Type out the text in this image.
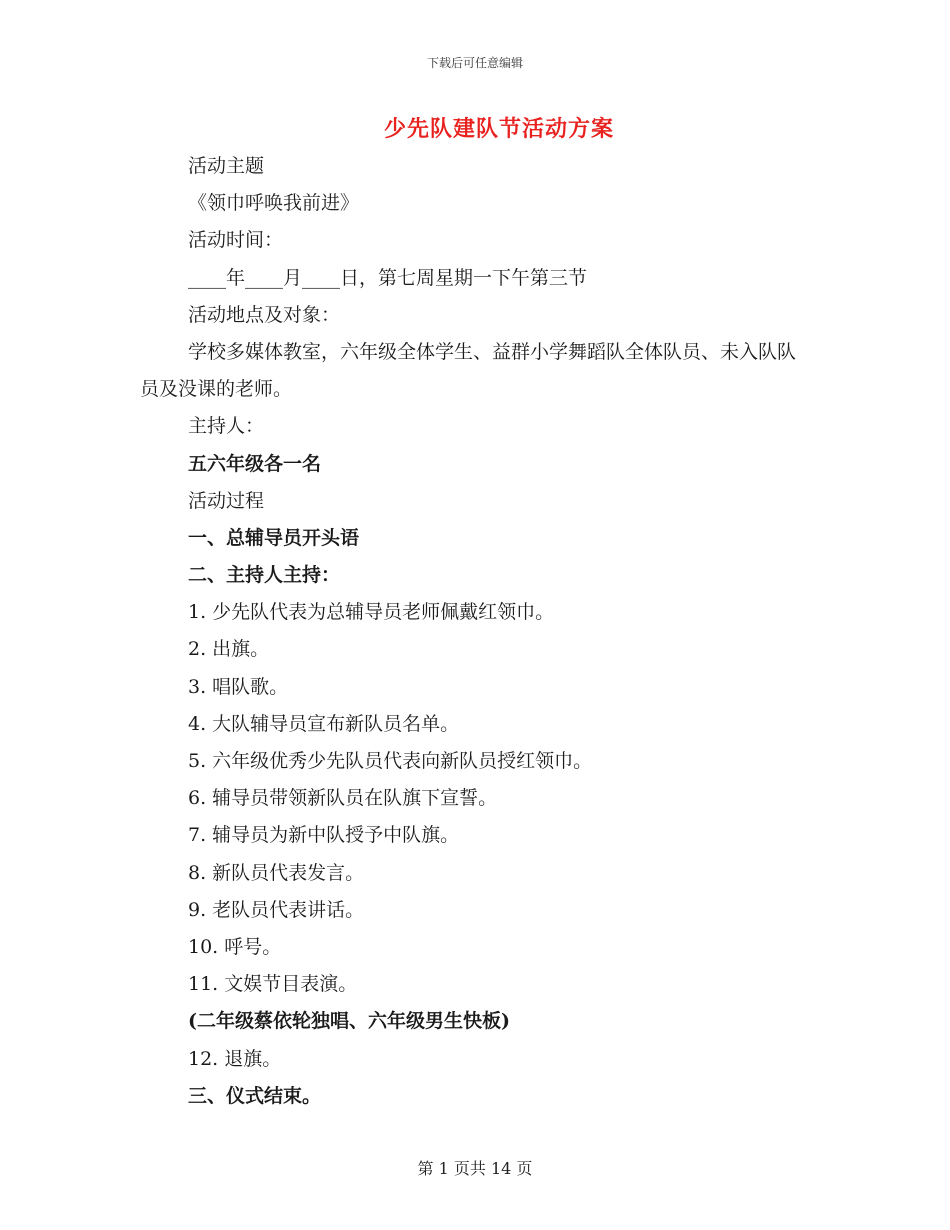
下载后可任意编辑
少先队建队节活动方案
活动主题
《领巾呼唤我前进》
活动时间：
____年____月____日，第七周星期一下午第三节
活动地点及对象：
学校多媒体教室，六年级全体学生、益群小学舞蹈队全体队员、未入队队员及没课的老师。
主持人：
五六年级各一名
活动过程
一、总辅导员开头语
二、主持人主持：
1. 少先队代表为总辅导员老师佩戴红领巾。
2. 出旗。
3. 唱队歌。
4. 大队辅导员宣布新队员名单。
5. 六年级优秀少先队员代表向新队员授红领巾。
6. 辅导员带领新队员在队旗下宣誓。
7. 辅导员为新中队授予中队旗。
8. 新队员代表发言。
9. 老队员代表讲话。
10. 呼号。
11. 文娱节目表演。
(二年级蔡依轮独唱、六年级男生快板)
12. 退旗。
三、仪式结束。
第 1 页共 14 页
